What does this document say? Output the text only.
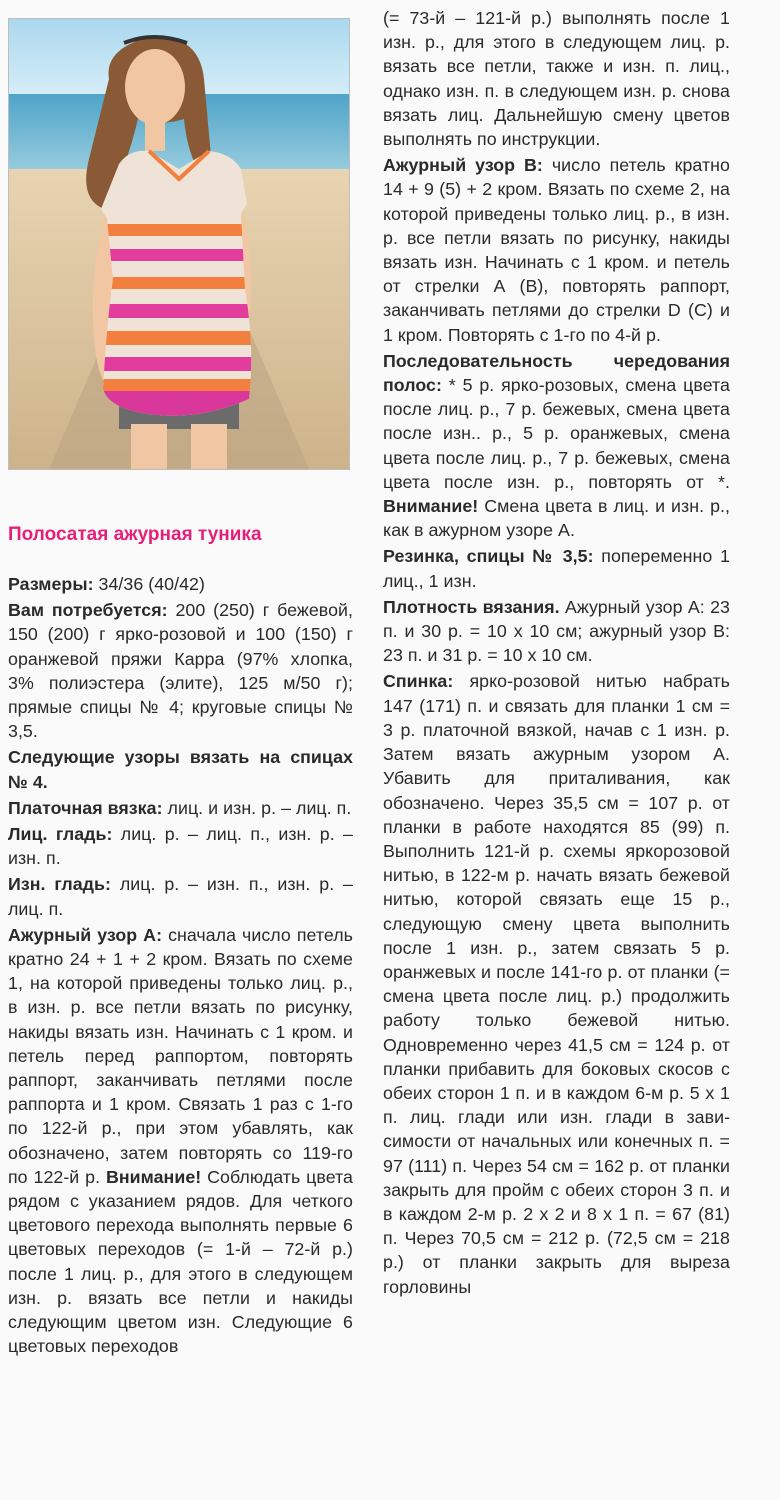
Полосатая ажурная туника

Размеры: 34/36 (40/42)

Вам потребуется: 200 (250) г бежевой, 150 (200) г ярко-розовой и 100 (150) г оранжевой пряжи Карра (97% хлопка, 3% полиэстера (элите), 125 м/50 г); прямые спицы № 4; круговые спицы № 3,5.

Следующие узоры вязать на спицах № 4.

Платочная вязка: лиц. и изн. р. – лиц. п.

Лиц. гладь: лиц. р. – лиц. п., изн. р. – изн. п.

Изн. гладь: лиц. р. – изн. п., изн. р. – лиц. п.

Ажурный узор А: сначала число петель кратно 24 + 1 + 2 кром. Вязать по схеме 1, на которой приведены только лиц. р., в изн. р. все петли вязать по рисунку, накиды вязать изн. Начинать с 1 кром. и петель перед раппортом, повторять раппорт, заканчивать петлями после раппорта и 1 кром. Связать 1 раз с 1-го по 122-й р., при этом убавлять, как обозначено, затем повторять со 119-го по 122-й р. Внимание! Соблюдать цвета рядом с указанием рядов. Для четкого цветового перехода выполнять первые 6 цветовых переходов (= 1-й – 72-й р.) после 1 лиц. р., для этого в следующем изн. р. вязать все петли и накиды следующим цветом изн. Следующие 6 цветовых переходов

(= 73-й – 121-й р.) выполнять после 1 изн. р., для этого в следующем лиц. р. вязать все петли, также и изн. п. лиц., однако изн. п. в следующем изн. р. снова вязать лиц. Дальнейшую смену цветов выполнять по инструкции.

Ажурный узор В: число петель кратно 14 + 9 (5) + 2 кром. Вязать по схеме 2, на которой приведены только лиц. р., в изн. р. все петли вязать по рисунку, накиды вязать изн. Начинать с 1 кром. и петель от стрелки А (В), повторять раппорт, заканчивать петлями до стрелки D (С) и 1 кром. Повторять с 1-го по 4-й р.

Последовательность чередования полос: * 5 р. ярко-розовых, смена цвета после лиц. р., 7 р. бежевых, смена цвета после изн.. р., 5 р. оранжевых, смена цвета после лиц. р., 7 р. бежевых, смена цвета после изн. р., повторять от *. Внимание! Смена цвета в лиц. и изн. р., как в ажурном узоре А.

Резинка, спицы № 3,5: попеременно 1 лиц., 1 изн.

Плотность вязания. Ажурный узор А: 23 п. и 30 р. = 10 х 10 см; ажурный узор В: 23 п. и 31 р. = 10 х 10 см.

Спинка: ярко-розовой нитью набрать 147 (171) п. и связать для планки 1 см = 3 р. платочной вязкой, начав с 1 изн. р. Затем вязать ажурным узором А. Убавить для приталивания, как обозначено. Через 35,5 см = 107 р. от планки в работе находятся 85 (99) п. Выполнить 121-й р. схемы яркорозовой нитью, в 122-м р. начать вязать бежевой нитью, которой связать еще 15 р., следующую смену цвета выполнить после 1 изн. р., затем связать 5 р. оранжевых и после 141-го р. от планки (= смена цвета после лиц. р.) продолжить работу только бежевой нитью. Одновременно через 41,5 см = 124 р. от планки прибавить для боковых скосов с обеих сторон 1 п. и в каждом 6-м р. 5 х 1 п. лиц. глади или изн. глади в зависимости от начальных или конечных п. = 97 (111) п. Через 54 см = 162 р. от планки закрыть для пройм с обеих сторон 3 п. и в каждом 2-м р. 2 х 2 и 8 х 1 п. = 67 (81) п. Через 70,5 см = 212 р. (72,5 см = 218 р.) от планки закрыть для выреза горловины
